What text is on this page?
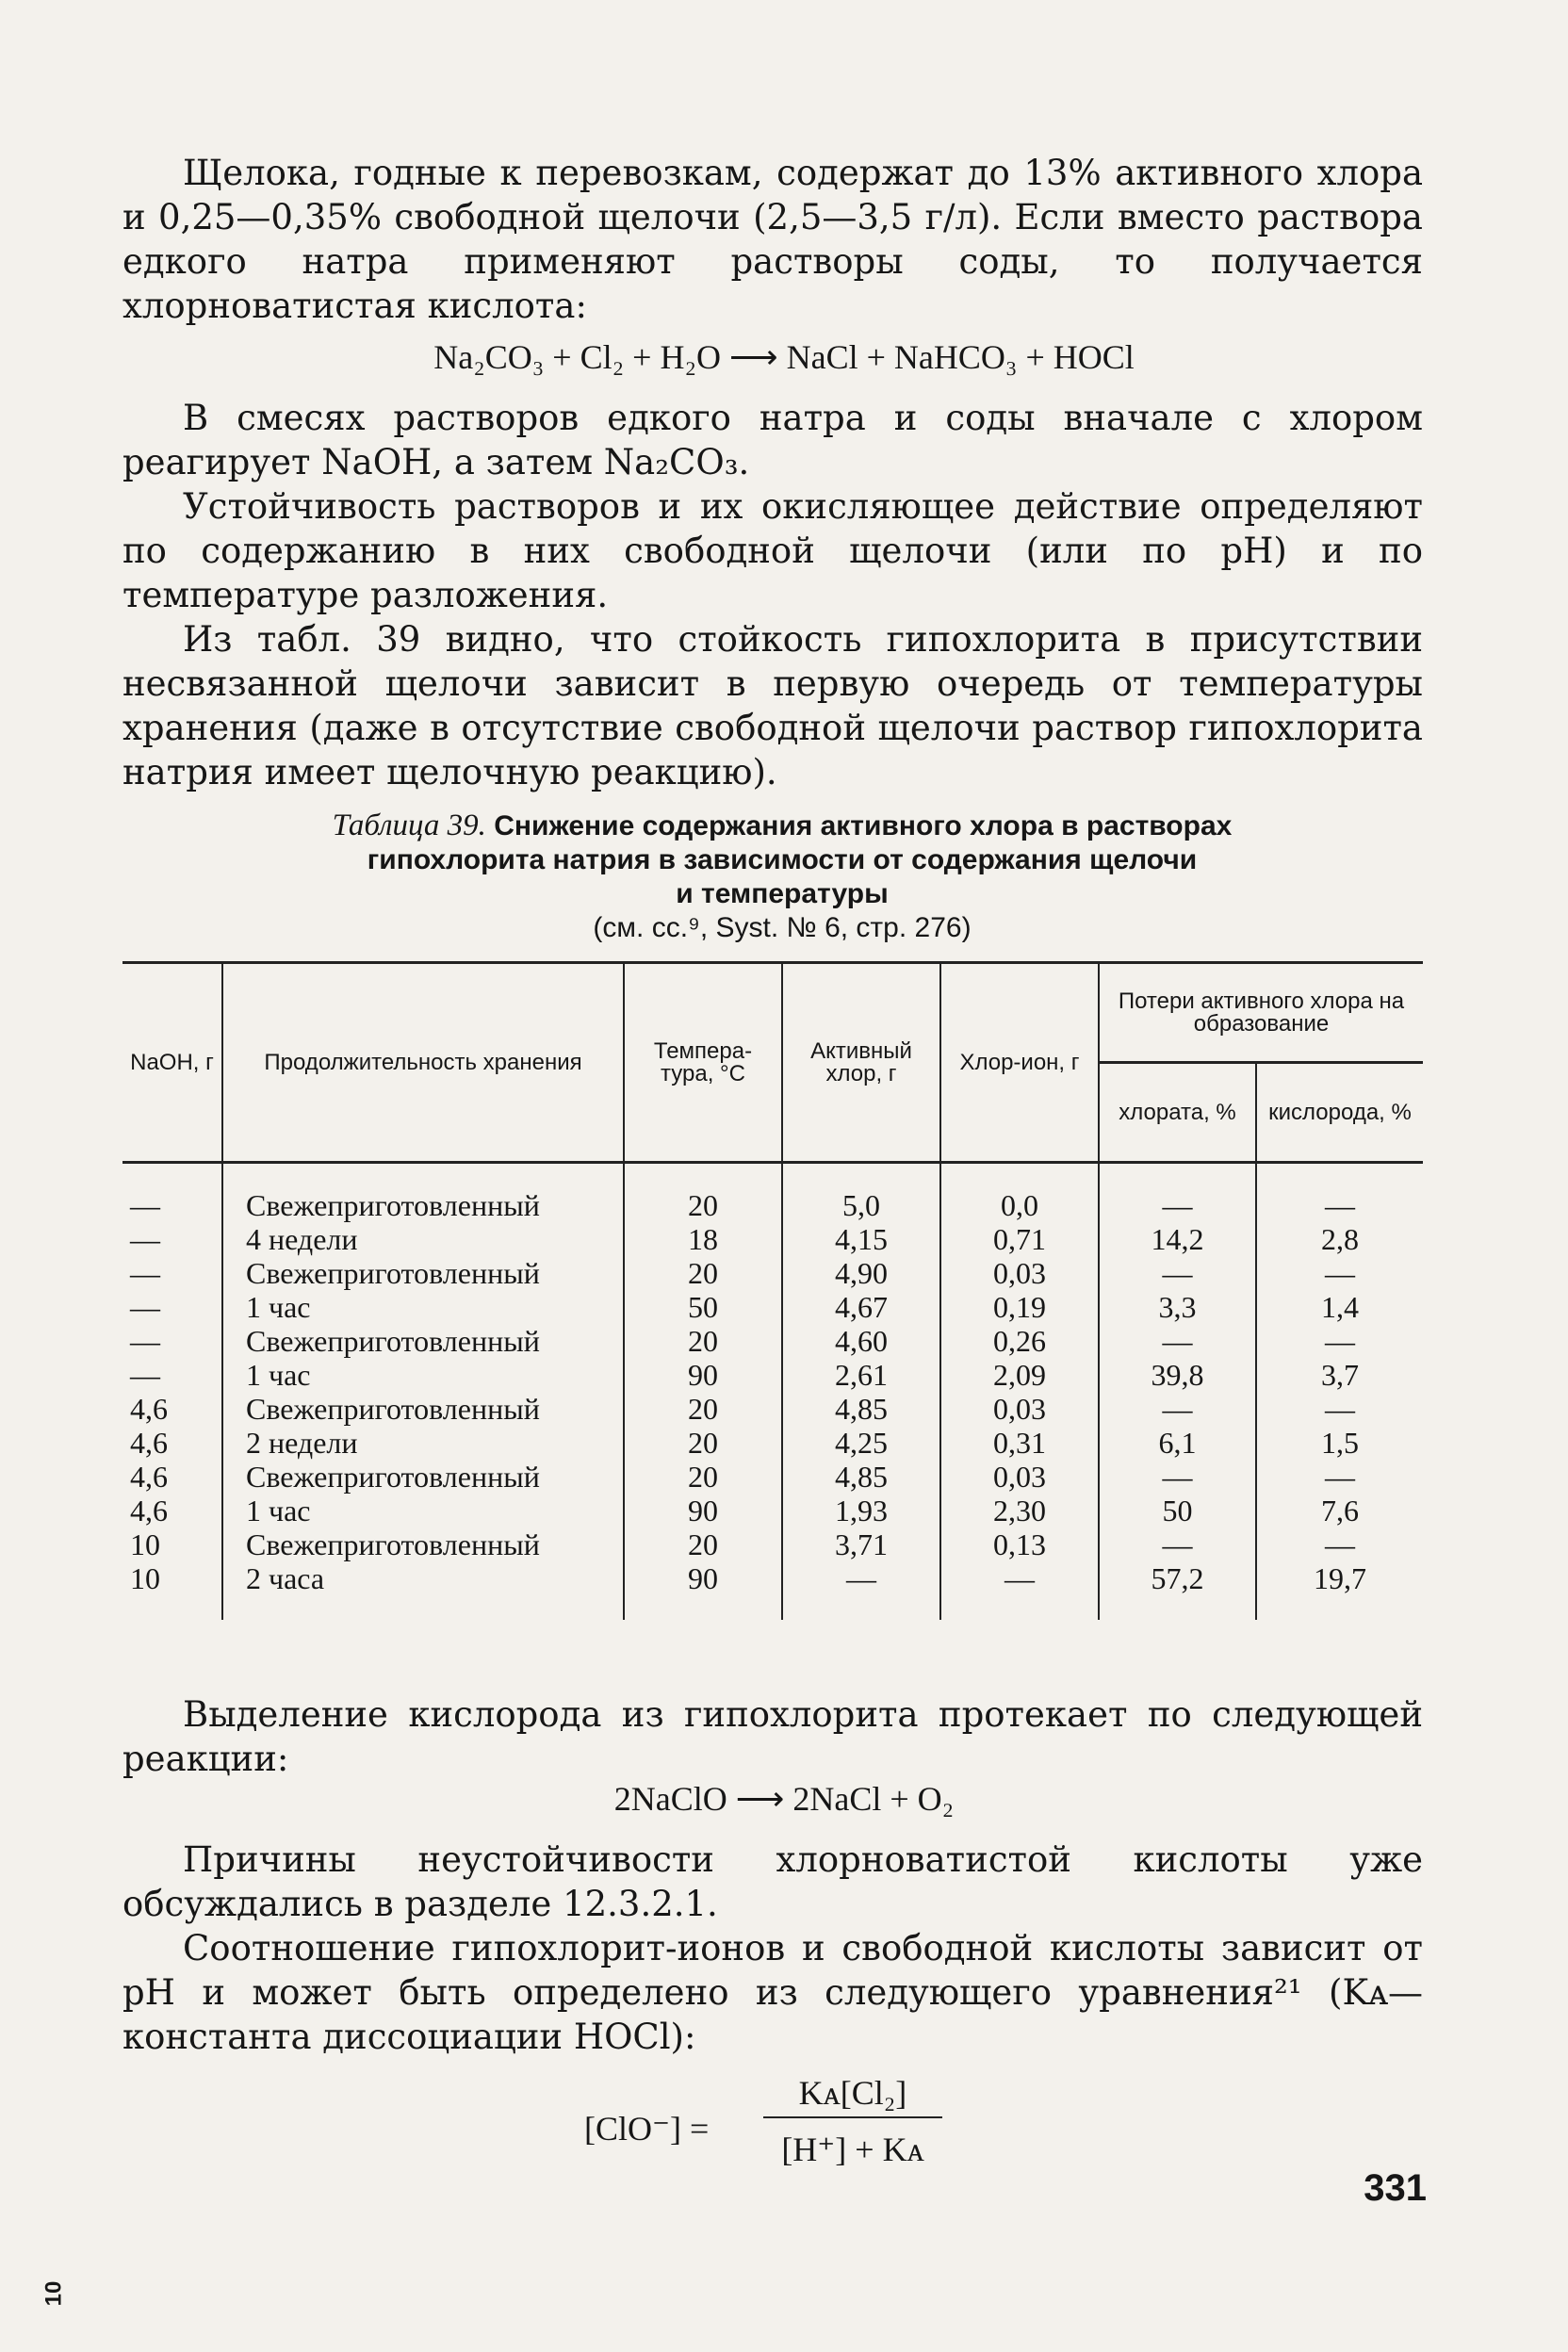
Щелока, годные к перевозкам, содержат до 13% активного хлора и 0,25—0,35% свободной щелочи (2,5—3,5 г/л). Если вместо раствора едкого натра применяют растворы соды, то получается хлорноватистая кислота:

Na₂CO₃ + Cl₂ + H₂O ⟶ NaCl + NaHCO₃ + HOCl

В смесях растворов едкого натра и соды вначале с хлором реагирует NaOH, а затем Na₂CO₃.

Устойчивость растворов и их окисляющее действие определяют по содержанию в них свободной щелочи (или по pH) и по температуре разложения.

Из табл. 39 видно, что стойкость гипохлорита в присутствии несвязанной щелочи зависит в первую очередь от температуры хранения (даже в отсутствие свободной щелочи раствор гипохлорита натрия имеет щелочную реакцию).

Таблица 39. Снижение содержания активного хлора в растворах
гипохлорита натрия в зависимости от содержания щелочи
и температуры
(см. сс.⁹, Syst. № 6, стр. 276)
NaOH, г	Продолжительность хранения	Темпера-тура, °С	Активный хлор, г	Хлор-ион, г	Потери активного хлора на образование	
					хлората, %	кислорода, %
—	Свежеприготовленный	20	5,0	0,0	—	—
—	4 недели	18	4,15	0,71	14,2	2,8
—	Свежеприготовленный	20	4,90	0,03	—	—
—	1 час	50	4,67	0,19	3,3	1,4
—	Свежеприготовленный	20	4,60	0,26	—	—
—	1 час	90	2,61	2,09	39,8	3,7
4,6	Свежеприготовленный	20	4,85	0,03	—	—
4,6	2 недели	20	4,25	0,31	6,1	1,5
4,6	Свежеприготовленный	20	4,85	0,03	—	—
4,6	1 час	90	1,93	2,30	50	7,6
10	Свежеприготовленный	20	3,71	0,13	—	—
10	2 часа	90	—	—	57,2	19,7

Выделение кислорода из гипохлорита протекает по следующей реакции:

2NaClO ⟶ 2NaCl + O₂

Причины неустойчивости хлорноватистой кислоты уже обсуждались в разделе 12.3.2.1.

Соотношение гипохлорит-ионов и свободной кислоты зависит от pH и может быть определено из следующего уравнения²¹ (Kᴀ—константа диссоциации HOCl):

[ClO⁻] =
Kᴀ[Cl₂]
[H⁺] + Kᴀ
331
10
